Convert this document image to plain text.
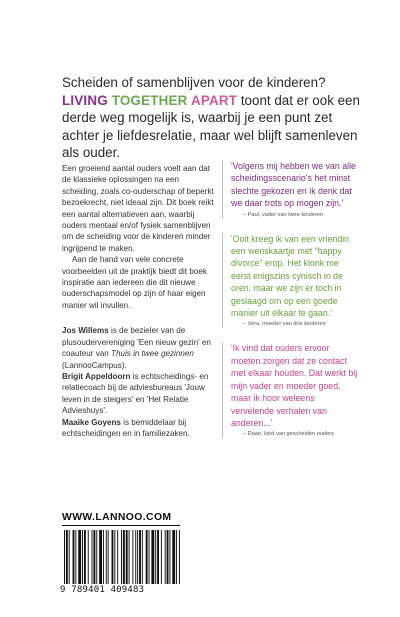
Scheiden of samenblijven voor de kinderen?
LIVING TOGETHER APART toont dat er ook een derde weg mogelijk is, waarbij je een punt zet achter je liefdesrelatie, maar wel blijft samenleven als ouder.

Een groeiend aantal ouders voelt aan dat de klassieke oplossingen na een scheiding, zoals co-ouderschap of beperkt bezoekrecht, niet ideaal zijn. Dit boek reikt een aantal alternatieven aan, waarbij ouders mentaal en/of fysiek samenblijven om de scheiding voor de kinderen minder ingrijpend te maken.

Aan de hand van vele concrete voorbeelden uit de praktijk biedt dit boek inspiratie aan iedereen die dit nieuwe ouderschapsmodel op zijn of haar eigen manier wil invullen.

Jos Willems is de bezieler van de plusoudervereniging 'Een nieuw gezin' en coauteur van Thuis in twee gezinnen (LannooCampus).

Brigit Appeldoorn is echtscheidings- en relatiecoach bij de adviesbureaus 'Jouw leven in de steigers' en 'Het Relatie Advieshuys'.

Maaike Goyens is bemiddelaar bij echtscheidingen en in familiezaken.

'Volgens mij hebben we van alle scheidingsscenario's het minst slechte gekozen en ik denk dat we daar trots op mogen zijn.'

– Paul, vader van twee kinderen

'Ooit kreeg ik van een vriendin een wenskaartje met "happy divorce" erop. Het klonk me eerst enigszins cynisch in de oren, maar we zijn er toch in geslaagd om op een goede manier uit elkaar te gaan.'

– Vera, moeder van drie kinderen

'Ik vind dat ouders ervoor moeten zorgen dat ze contact met elkaar houden. Dat werkt bij mijn vader en moeder goed, maar ik hoor weleens vervelende verhalen van anderen...'

– Daan, kind van gescheiden ouders

WWW.LANNOO.COM
9 789401 409483
